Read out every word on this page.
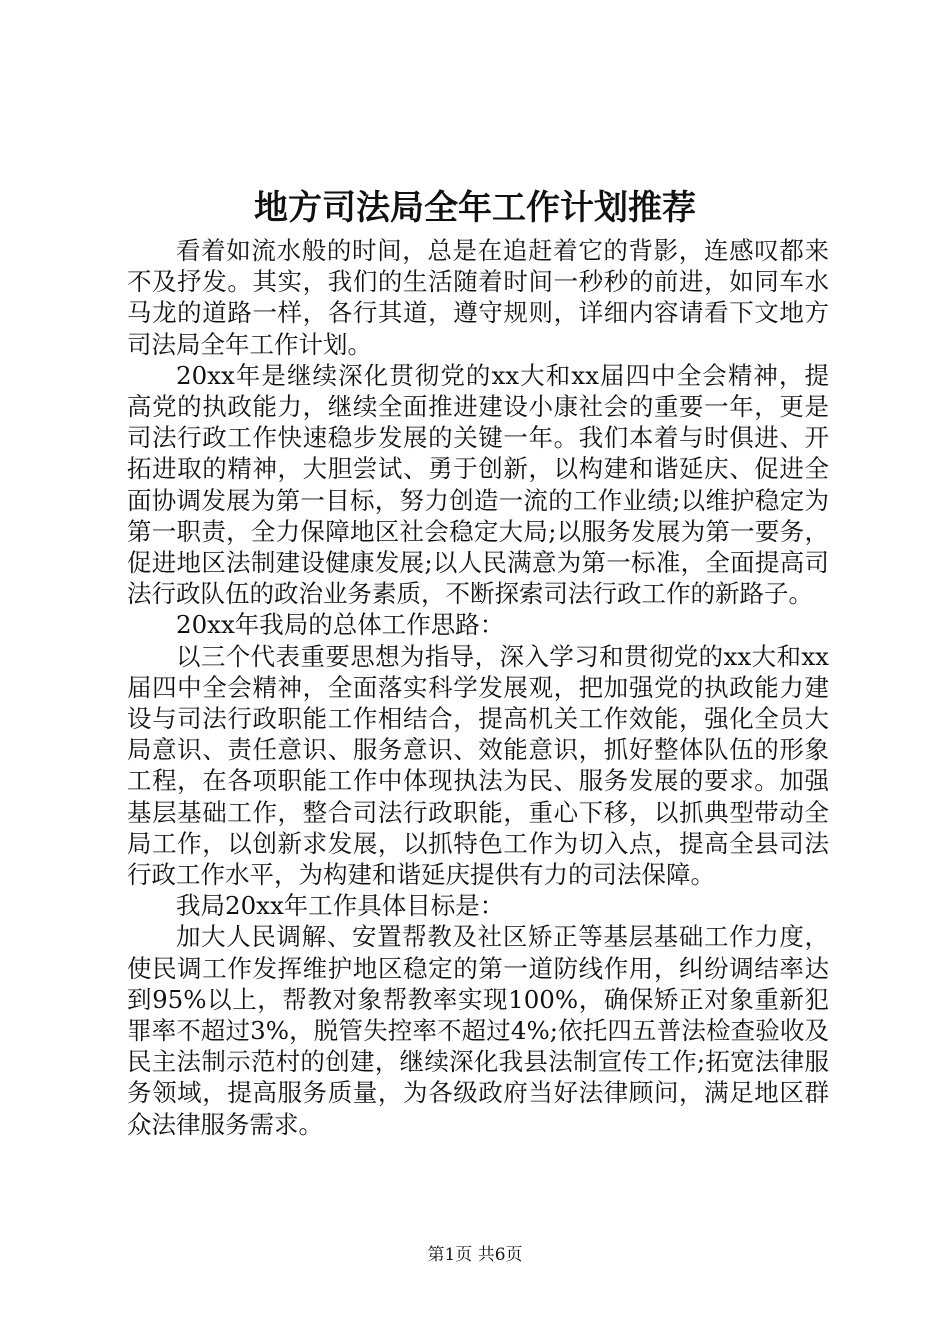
地方司法局全年工作计划推荐

看着如流水般的时间，总是在追赶着它的背影，连感叹都来不及抒发。其实，我们的生活随着时间一秒秒的前进，如同车水马龙的道路一样，各行其道，遵守规则，详细内容请看下文地方司法局全年工作计划。

20xx年是继续深化贯彻党的xx大和xx届四中全会精神，提高党的执政能力，继续全面推进建设小康社会的重要一年，更是司法行政工作快速稳步发展的关键一年。我们本着与时俱进、开拓进取的精神，大胆尝试、勇于创新，以构建和谐延庆、促进全面协调发展为第一目标，努力创造一流的工作业绩;以维护稳定为第一职责，全力保障地区社会稳定大局;以服务发展为第一要务，促进地区法制建设健康发展;以人民满意为第一标准，全面提高司法行政队伍的政治业务素质，不断探索司法行政工作的新路子。

20xx年我局的总体工作思路：

以三个代表重要思想为指导，深入学习和贯彻党的xx大和xx届四中全会精神，全面落实科学发展观，把加强党的执政能力建设与司法行政职能工作相结合，提高机关工作效能，强化全员大局意识、责任意识、服务意识、效能意识，抓好整体队伍的形象工程，在各项职能工作中体现执法为民、服务发展的要求。加强基层基础工作，整合司法行政职能，重心下移，以抓典型带动全局工作，以创新求发展，以抓特色工作为切入点，提高全县司法行政工作水平，为构建和谐延庆提供有力的司法保障。

我局20xx年工作具体目标是：

加大人民调解、安置帮教及社区矫正等基层基础工作力度，使民调工作发挥维护地区稳定的第一道防线作用，纠纷调结率达到95%以上，帮教对象帮教率实现100%，确保矫正对象重新犯罪率不超过3%，脱管失控率不超过4%;依托四五普法检查验收及民主法制示范村的创建，继续深化我县法制宣传工作;拓宽法律服务领域，提高服务质量，为各级政府当好法律顾问，满足地区群众法律服务需求。

第1页 共6页
